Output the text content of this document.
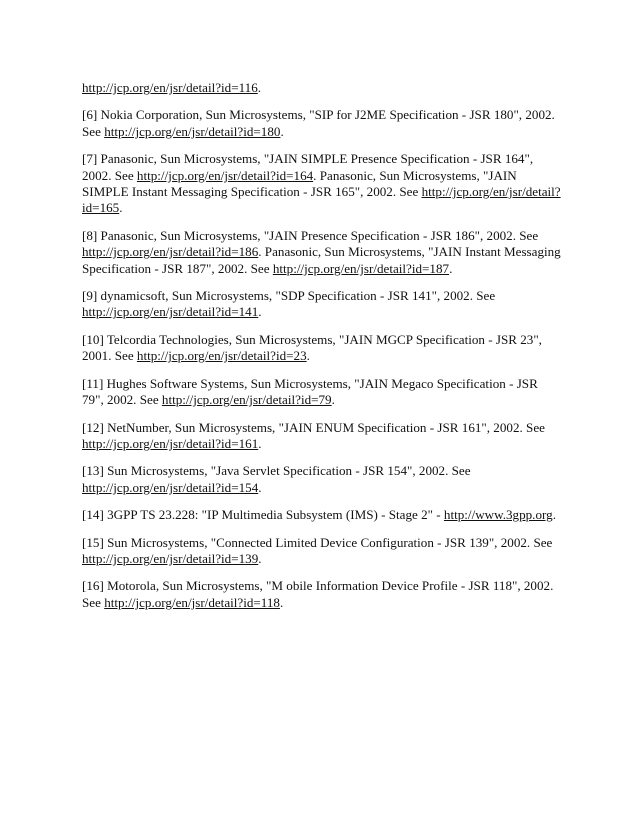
http://jcp.org/en/jsr/detail?id=116.

[6] Nokia Corporation, Sun Microsystems, "SIP for J2ME Specification - JSR 180", 2002. See http://jcp.org/en/jsr/detail?id=180.

[7] Panasonic, Sun Microsystems, "JAIN SIMPLE Presence Specification - JSR 164", 2002. See http://jcp.org/en/jsr/detail?id=164. Panasonic, Sun Microsystems, "JAIN SIMPLE Instant Messaging Specification - JSR 165", 2002. See http://jcp.org/en/jsr/detail?id=165.

[8] Panasonic, Sun Microsystems, "JAIN Presence Specification - JSR 186", 2002. See http://jcp.org/en/jsr/detail?id=186. Panasonic, Sun Microsystems, "JAIN Instant Messaging Specification - JSR 187", 2002. See http://jcp.org/en/jsr/detail?id=187.

[9] dynamicsoft, Sun Microsystems, "SDP Specification - JSR 141", 2002. See http://jcp.org/en/jsr/detail?id=141.

[10] Telcordia Technologies, Sun Microsystems, "JAIN MGCP Specification - JSR 23", 2001. See http://jcp.org/en/jsr/detail?id=23.

[11] Hughes Software Systems, Sun Microsystems, "JAIN Megaco Specification - JSR 79", 2002. See http://jcp.org/en/jsr/detail?id=79.

[12] NetNumber, Sun Microsystems, "JAIN ENUM Specification - JSR 161", 2002. See http://jcp.org/en/jsr/detail?id=161.

[13] Sun Microsystems, "Java Servlet Specification - JSR 154", 2002. See http://jcp.org/en/jsr/detail?id=154.

[14] 3GPP TS 23.228: "IP Multimedia Subsystem (IMS) - Stage 2" - http://www.3gpp.org.

[15] Sun Microsystems, "Connected Limited Device Configuration - JSR 139", 2002. See http://jcp.org/en/jsr/detail?id=139.

[16] Motorola, Sun Microsystems, "M obile Information Device Profile - JSR 118", 2002. See http://jcp.org/en/jsr/detail?id=118.
